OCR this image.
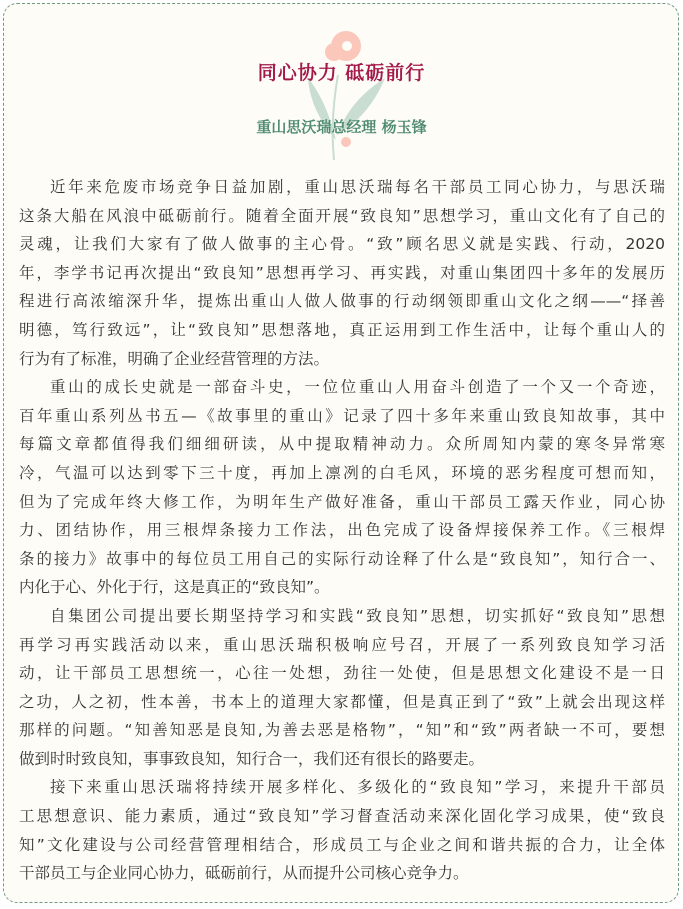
同心协力 砥砺前行
重山思沃瑞总经理 杨玉锋
近年来危废市场竞争日益加剧，重山思沃瑞每名干部员工同心协力，与思沃瑞
这条大船在风浪中砥砺前行。随着全面开展“致良知”思想学习，重山文化有了自己的
灵魂，让我们大家有了做人做事的主心骨。“致”顾名思义就是实践、行动，2020
年，李学书记再次提出“致良知”思想再学习、再实践，对重山集团四十多年的发展历
程进行高浓缩深升华，提炼出重山人做人做事的行动纲领即重山文化之纲——“择善
明德，笃行致远”，让“致良知”思想落地，真正运用到工作生活中，让每个重山人的
行为有了标准，明确了企业经营管理的方法。
重山的成长史就是一部奋斗史，一位位重山人用奋斗创造了一个又一个奇迹，
百年重山系列丛书五—《故事里的重山》记录了四十多年来重山致良知故事，其中
每篇文章都值得我们细细研读，从中提取精神动力。众所周知内蒙的寒冬异常寒
冷，气温可以达到零下三十度，再加上凛冽的白毛风，环境的恶劣程度可想而知，
但为了完成年终大修工作，为明年生产做好准备，重山干部员工露天作业，同心协
力、团结协作，用三根焊条接力工作法，出色完成了设备焊接保养工作。《三根焊
条的接力》故事中的每位员工用自己的实际行动诠释了什么是“致良知”，知行合一、
内化于心、外化于行，这是真正的“致良知”。
自集团公司提出要长期坚持学习和实践“致良知”思想，切实抓好“致良知”思想
再学习再实践活动以来，重山思沃瑞积极响应号召，开展了一系列致良知学习活
动，让干部员工思想统一，心往一处想，劲往一处使，但是思想文化建设不是一日
之功，人之初，性本善，书本上的道理大家都懂，但是真正到了“致”上就会出现这样
那样的问题。“知善知恶是良知,为善去恶是格物”，“知”和“致”两者缺一不可，要想
做到时时致良知，事事致良知，知行合一，我们还有很长的路要走。
接下来重山思沃瑞将持续开展多样化、多级化的“致良知”学习，来提升干部员
工思想意识、能力素质，通过“致良知”学习督查活动来深化固化学习成果，使“致良
知”文化建设与公司经营管理相结合，形成员工与企业之间和谐共振的合力，让全体
干部员工与企业同心协力，砥砺前行，从而提升公司核心竞争力。
